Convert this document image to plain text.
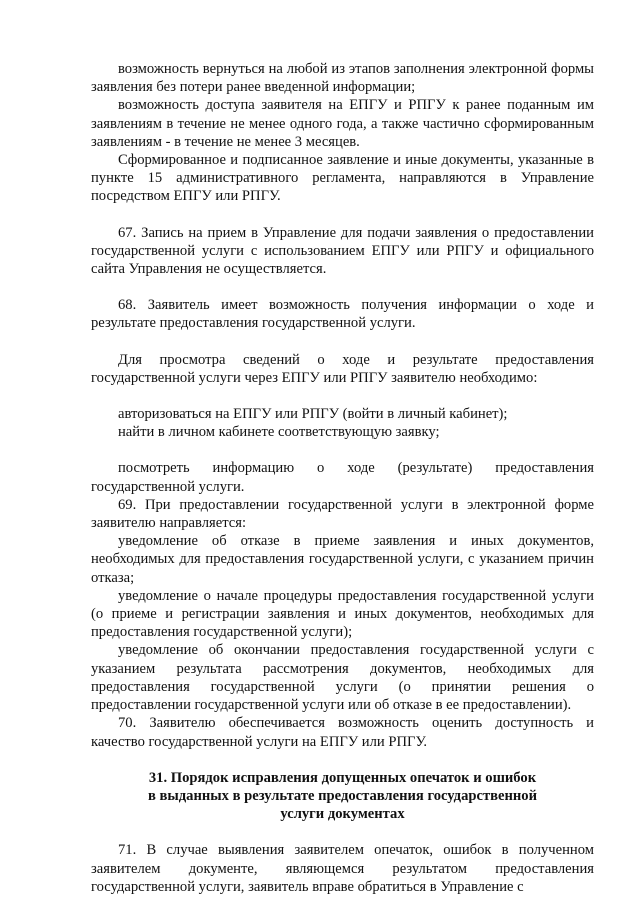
возможность вернуться на любой из этапов заполнения электронной формы заявления без потери ранее введенной информации;

возможность доступа заявителя на ЕПГУ и РПГУ к ранее поданным им заявлениям в течение не менее одного года, а также частично сформированным заявлениям - в течение не менее 3 месяцев.

Сформированное и подписанное заявление и иные документы, указанные в пункте 15 административного регламента, направляются в Управление посредством ЕПГУ или РПГУ.

67. Запись на прием в Управление для подачи заявления о предоставлении государственной услуги с использованием ЕПГУ или РПГУ и официального сайта Управления не осуществляется.

68. Заявитель имеет возможность получения информации о ходе и результате предоставления государственной услуги.

Для просмотра сведений о ходе и результате предоставления государственной услуги через ЕПГУ или РПГУ заявителю необходимо:

авторизоваться на ЕПГУ или РПГУ (войти в личный кабинет);

найти в личном кабинете соответствующую заявку;

посмотреть информацию о ходе (результате) предоставления государственной услуги.

69. При предоставлении государственной услуги в электронной форме заявителю направляется:

уведомление об отказе в приеме заявления и иных документов, необходимых для предоставления государственной услуги, с указанием причин отказа;

уведомление о начале процедуры предоставления государственной услуги (о приеме и регистрации заявления и иных документов, необходимых для предоставления государственной услуги);

уведомление об окончании предоставления государственной услуги с указанием результата рассмотрения документов, необходимых для предоставления государственной услуги (о принятии решения о предоставлении государственной услуги или об отказе в ее предоставлении).

70. Заявителю обеспечивается возможность оценить доступность и качество государственной услуги на ЕПГУ или РПГУ.

31. Порядок исправления допущенных опечаток и ошибок

в выданных в результате предоставления государственной

услуги документах

71. В случае выявления заявителем опечаток, ошибок в полученном заявителем документе, являющемся результатом предоставления государственной услуги, заявитель вправе обратиться в Управление с
